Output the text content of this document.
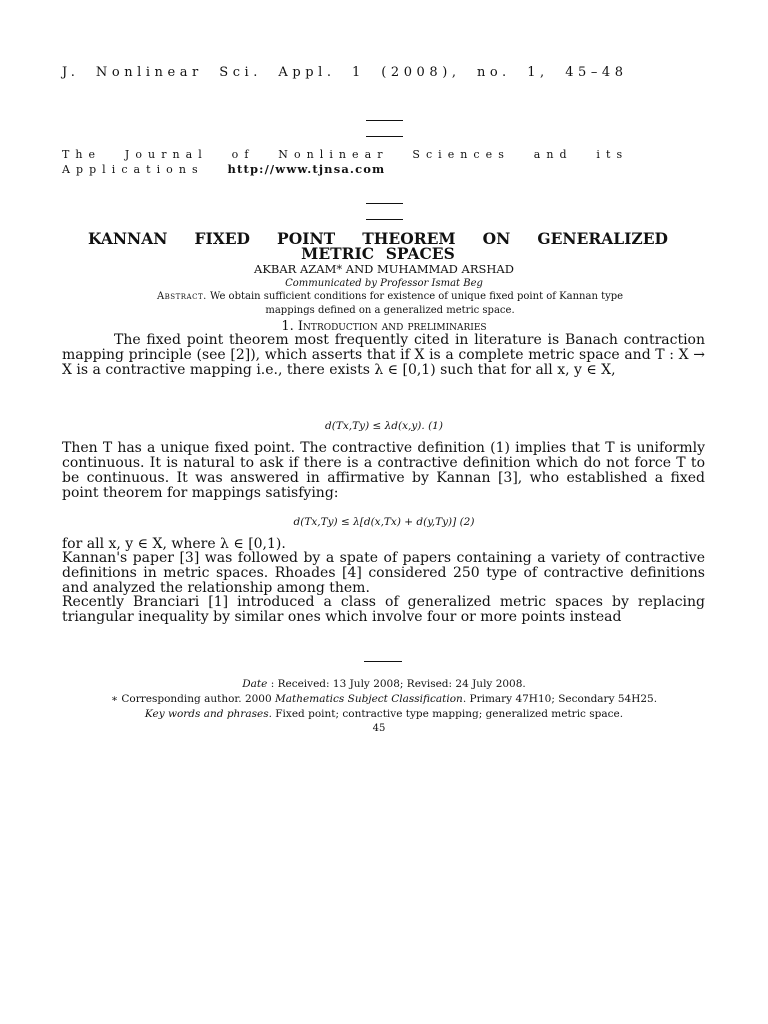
J. Nonlinear Sci. Appl. 1 (2008), no. 1, 45–48
The Journal of Nonlinear Sciences and its Applications http://www.tjnsa.com
KANNAN FIXED POINT THEOREM ON GENERALIZED METRIC SPACES
AKBAR AZAM* AND MUHAMMAD ARSHAD
Communicated by Professor Ismat Beg
Abstract. We obtain sufficient conditions for existence of unique fixed point of Kannan type mappings defined on a generalized metric space.
1. Introduction and preliminaries
The fixed point theorem most frequently cited in literature is Banach contraction mapping principle (see [2]), which asserts that if X is a complete metric space and T : X → X is a contractive mapping i.e., there exists λ ∈ [0,1) such that for all x, y ∈ X,
d(Tx,Ty) ≤ λd(x,y). (1)
Then T has a unique fixed point. The contractive definition (1) implies that T is uniformly continuous. It is natural to ask if there is a contractive definition which do not force T to be continuous. It was answered in affirmative by Kannan [3], who established a fixed point theorem for mappings satisfying:
d(Tx,Ty) ≤ λ[d(x,Tx) + d(y,Ty)] (2)
for all x, y ∈ X, where λ ∈ [0,1).
Kannan's paper [3] was followed by a spate of papers containing a variety of contractive definitions in metric spaces. Rhoades [4] considered 250 type of contractive definitions and analyzed the relationship among them.
Recently Branciari [1] introduced a class of generalized metric spaces by replacing triangular inequality by similar ones which involve four or more points instead
Date : Received: 13 July 2008; Revised: 24 July 2008.
∗ Corresponding author. 2000 Mathematics Subject Classification. Primary 47H10; Secondary 54H25.
Key words and phrases. Fixed point; contractive type mapping; generalized metric space.
45
